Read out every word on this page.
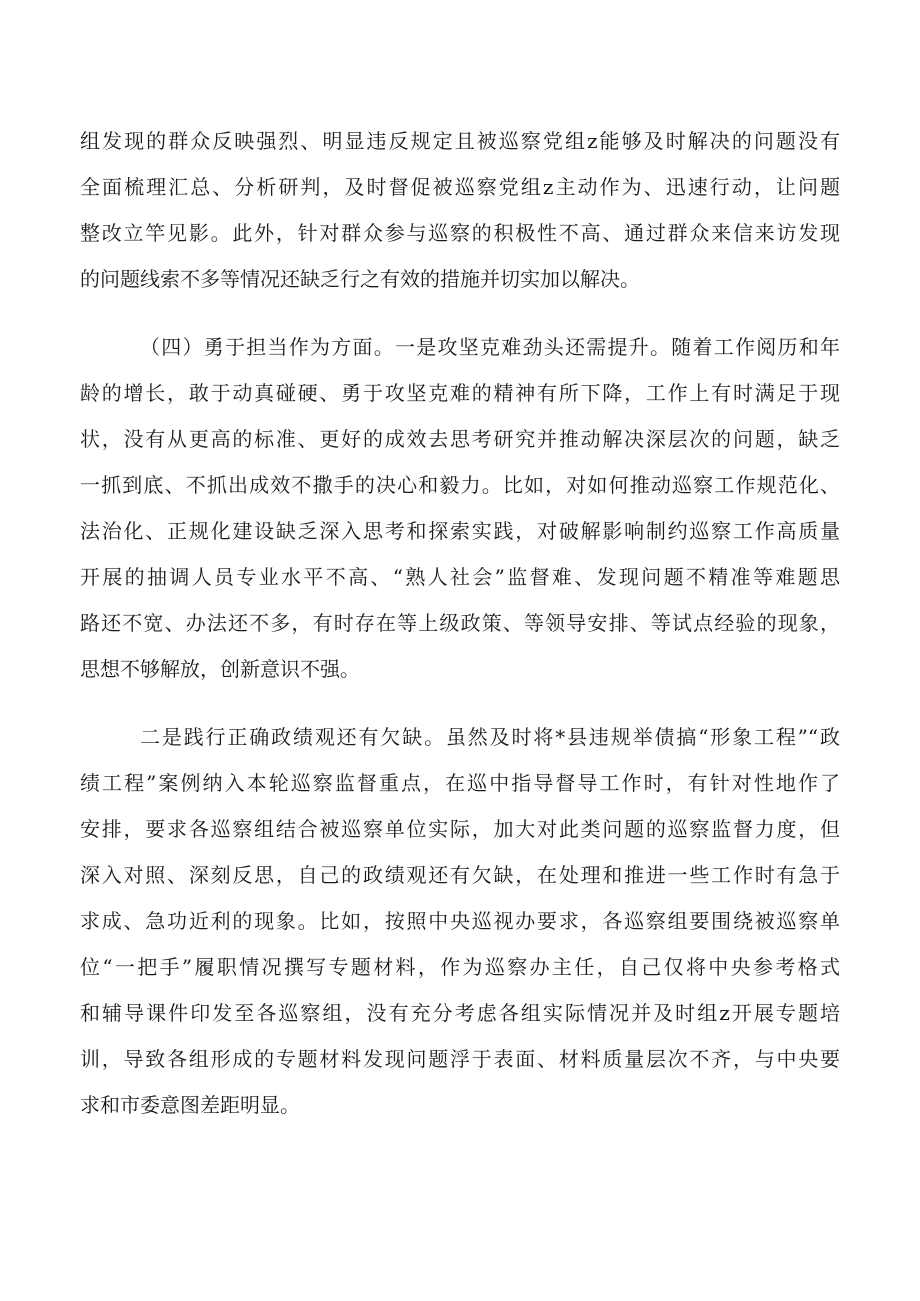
组发现的群众反映强烈、明显违反规定且被巡察党组z能够及时解决的问题没有
全面梳理汇总、分析研判，及时督促被巡察党组z主动作为、迅速行动，让问题
整改立竿见影。此外，针对群众参与巡察的积极性不高、通过群众来信来访发现
的问题线索不多等情况还缺乏行之有效的措施并切实加以解决。
（四）勇于担当作为方面。一是攻坚克难劲头还需提升。随着工作阅历和年
龄的增长，敢于动真碰硬、勇于攻坚克难的精神有所下降，工作上有时满足于现
状，没有从更高的标准、更好的成效去思考研究并推动解决深层次的问题，缺乏
一抓到底、不抓出成效不撒手的决心和毅力。比如，对如何推动巡察工作规范化、
法治化、正规化建设缺乏深入思考和探索实践，对破解影响制约巡察工作高质量
开展的抽调人员专业水平不高、“熟人社会”监督难、发现问题不精准等难题思
路还不宽、办法还不多，有时存在等上级政策、等领导安排、等试点经验的现象，
思想不够解放，创新意识不强。
二是践行正确政绩观还有欠缺。虽然及时将*县违规举债搞“形象工程”“政
绩工程”案例纳入本轮巡察监督重点，在巡中指导督导工作时，有针对性地作了
安排，要求各巡察组结合被巡察单位实际，加大对此类问题的巡察监督力度，但
深入对照、深刻反思，自己的政绩观还有欠缺，在处理和推进一些工作时有急于
求成、急功近利的现象。比如，按照中央巡视办要求，各巡察组要围绕被巡察单
位“一把手”履职情况撰写专题材料，作为巡察办主任，自己仅将中央参考格式
和辅导课件印发至各巡察组，没有充分考虑各组实际情况并及时组z开展专题培
训，导致各组形成的专题材料发现问题浮于表面、材料质量层次不齐，与中央要
求和市委意图差距明显。
